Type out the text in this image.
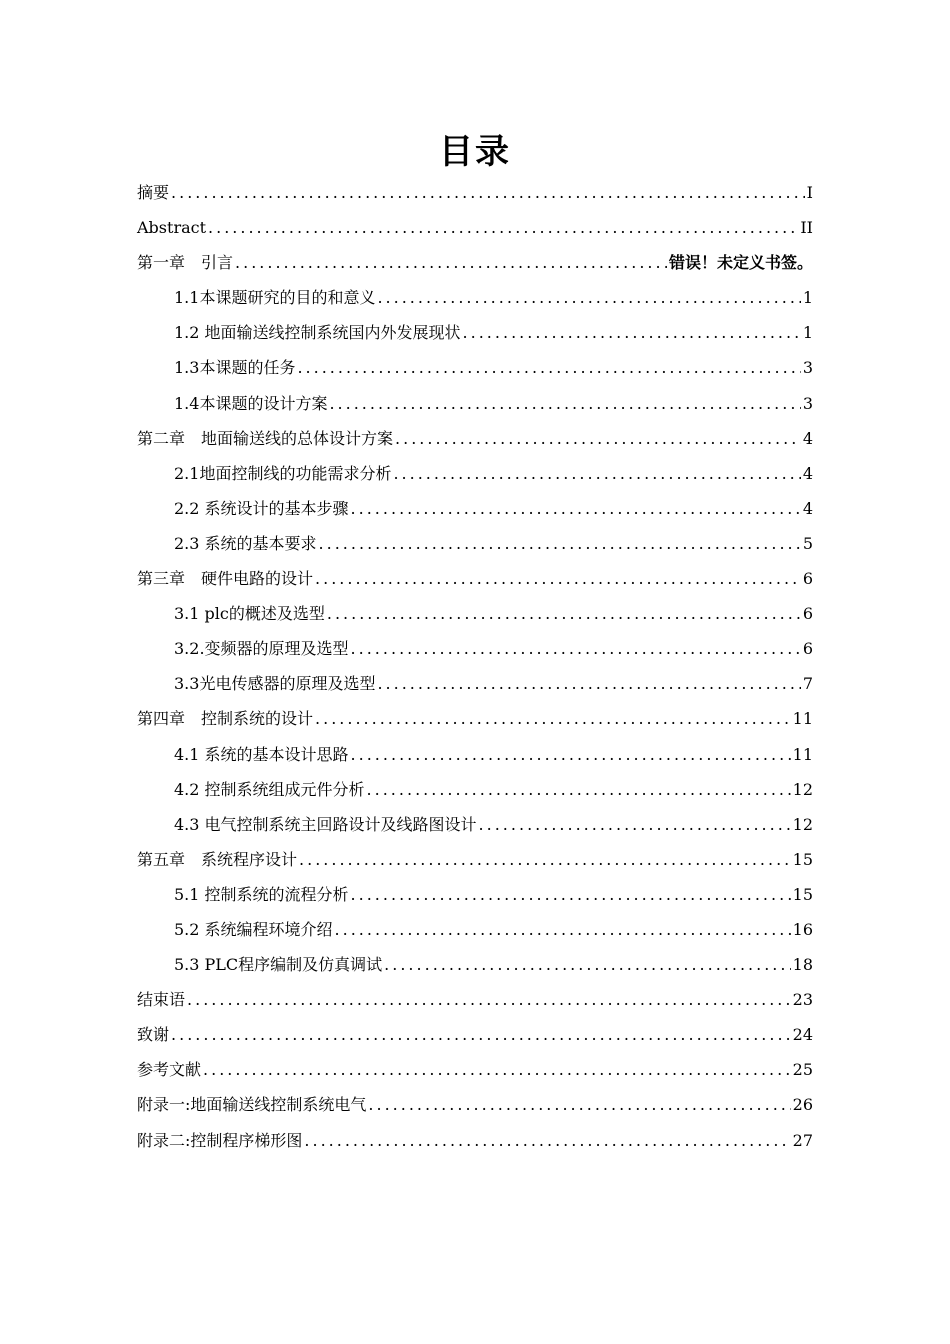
目录
摘要 .....	I
Abstract .....	II
第一章　引言 .....	错误！未定义书签。
1.1本课题研究的目的和意义 .....	1
1.2 地面输送线控制系统国内外发展现状 .....	1
1.3本课题的任务 .....	3
1.4本课题的设计方案 .....	3
第二章　地面输送线的总体设计方案 .....	4
2.1地面控制线的功能需求分析 .....	4
2.2 系统设计的基本步骤 .....	4
2.3 系统的基本要求 .....	5
第三章　硬件电路的设计 .....	6
3.1 plc的概述及选型 .....	6
3.2.变频器的原理及选型 .....	6
3.3光电传感器的原理及选型 .....	7
第四章　控制系统的设计 .....	11
4.1 系统的基本设计思路 .....	11
4.2 控制系统组成元件分析 .....	12
4.3 电气控制系统主回路设计及线路图设计 .....	12
第五章　系统程序设计 .....	15
5.1 控制系统的流程分析 .....	15
5.2 系统编程环境介绍 .....	16
5.3 PLC程序编制及仿真调试 .....	18
结束语 .....	23
致谢 .....	24
参考文献 .....	25
附录一:地面输送线控制系统电气 .....	26
附录二:控制程序梯形图 .....	27
